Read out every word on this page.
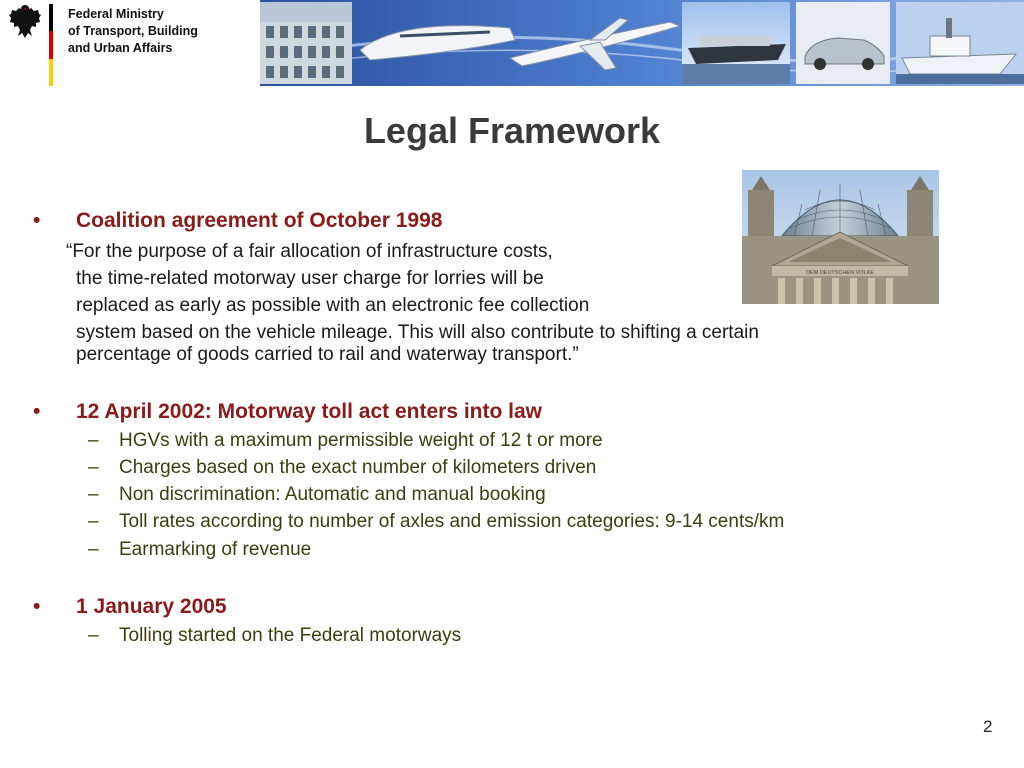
Federal Ministry
of Transport, Building
and Urban Affairs
Legal Framework
DEM DEUTSCHEN VOLKE
• Coalition agreement of October 1998
“For the purpose of a fair allocation of infrastructure costs,
the time-related motorway user charge for lorries will be
replaced as early as possible with an electronic fee collection
system based on the vehicle mileage. This will also contribute to shifting a certain
percentage of goods carried to rail and waterway transport.”
• 12 April 2002: Motorway toll act enters into law
– HGVs with a maximum permissible weight of 12 t or more
– Charges based on the exact number of kilometers driven
– Non discrimination: Automatic and manual booking
– Toll rates according to number of axles and emission categories: 9-14 cents/km
– Earmarking of revenue
• 1 January 2005
– Tolling started on the Federal motorways
2
